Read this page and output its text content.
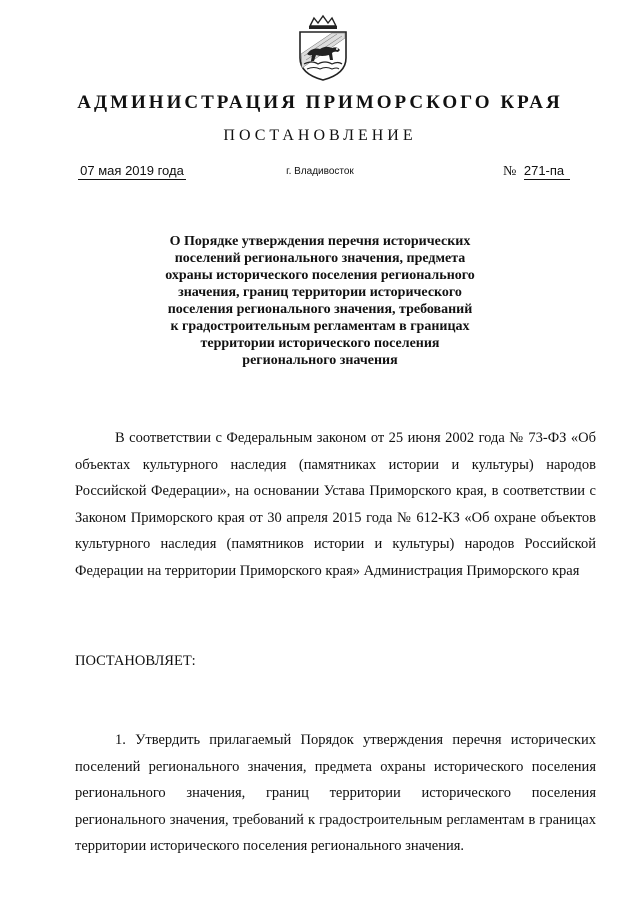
АДМИНИСТРАЦИЯ ПРИМОРСКОГО КРАЯ
ПОСТАНОВЛЕНИЕ
07 мая 2019 года	г. Владивосток	№ 271-па
О Порядке утверждения перечня исторических
поселений регионального значения, предмета
охраны исторического поселения регионального
значения, границ территории исторического
поселения регионального значения, требований
к градостроительным регламентам в границах
территории исторического поселения
регионального значения

В соответствии с Федеральным законом от 25 июня 2002 года № 73-ФЗ «Об объектах культурного наследия (памятниках истории и культуры) народов Российской Федерации», на основании Устава Приморского края, в соответствии с Законом Приморского края от 30 апреля 2015 года № 612-КЗ «Об охране объектов культурного наследия (памятников истории и культуры) народов Российской Федерации на территории Приморского края» Администрация Приморского края

ПОСТАНОВЛЯЕТ:

1. Утвердить прилагаемый Порядок утверждения перечня исторических поселений регионального значения, предмета охраны исторического поселения регионального значения, границ территории исторического поселения регионального значения, требований к градостроительным регламентам в границах территории исторического поселения регионального значения.
